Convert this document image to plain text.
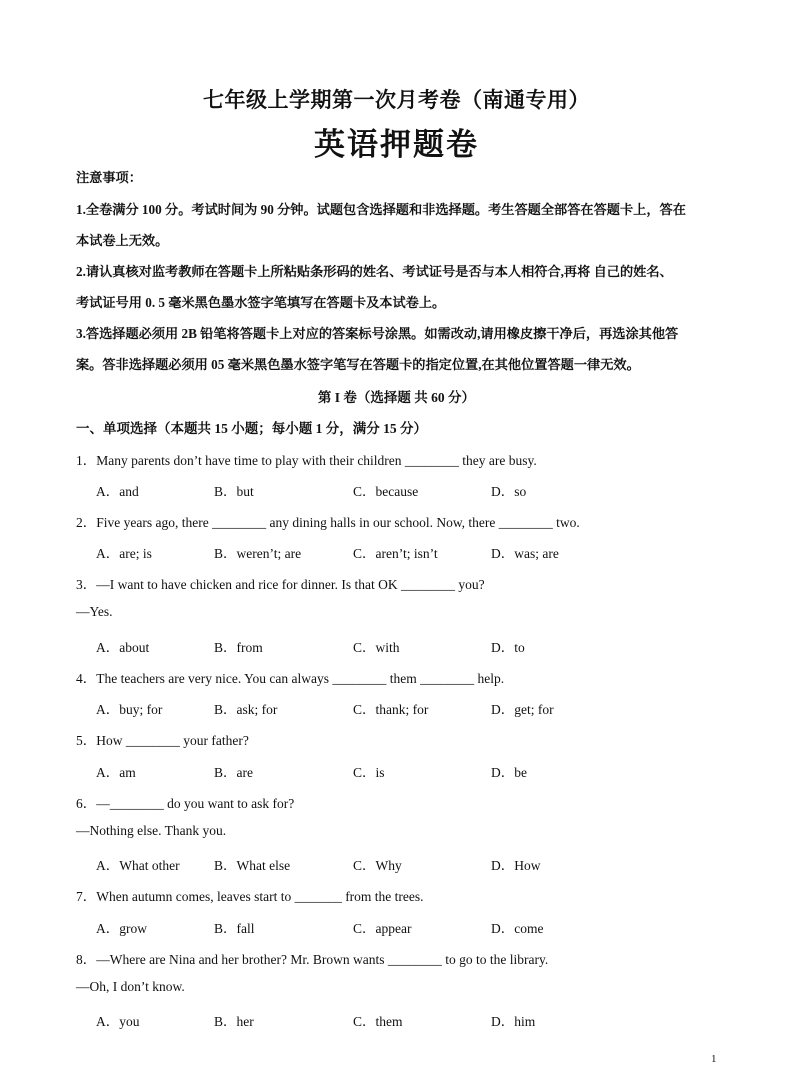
七年级上学期第一次月考卷（南通专用）
英语押题卷
注意事项：
1.全卷满分 100 分。考试时间为 90 分钟。试题包含选择题和非选择题。考生答题全部答在答题卡上，答在
本试卷上无效。
2.请认真核对监考教师在答题卡上所粘贴条形码的姓名、考试证号是否与本人相符合,再将 自己的姓名、
考试证号用 0. 5 毫米黑色墨水签字笔填写在答题卡及本试卷上。
3.答选择题必须用 2B 铅笔将答题卡上对应的答案标号涂黑。如需改动,请用橡皮擦干净后，再选涂其他答
案。答非选择题必须用 05 毫米黑色墨水签字笔写在答题卡的指定位置,在其他位置答题一律无效。
第 I 卷（选择题 共 60 分）
一、单项选择（本题共 15 小题；每小题 1 分，满分 15 分）
1．Many parents don’t have time to play with their children ________ they are busy.
A．and	B．but	C．because	D．so
2．Five years ago, there ________ any dining halls in our school. Now, there ________ two.
A．are; is	B．weren’t; are	C．aren’t; isn’t	D．was; are
3．—I want to have chicken and rice for dinner. Is that OK ________ you?
—Yes.
A．about	B．from	C．with	D．to
4．The teachers are very nice. You can always ________ them ________ help.
A．buy; for	B．ask; for	C．thank; for	D．get; for
5．How ________ your father?
A．am	B．are	C．is	D．be
6．—________ do you want to ask for?
—Nothing else. Thank you.
A．What other	B．What else	C．Why	D．How
7．When autumn comes, leaves start to _______ from the trees.
A．grow	B．fall	C．appear	D．come
8．—Where are Nina and her brother? Mr. Brown wants ________ to go to the library.
—Oh, I don’t know.
A．you	B．her	C．them	D．him
1
